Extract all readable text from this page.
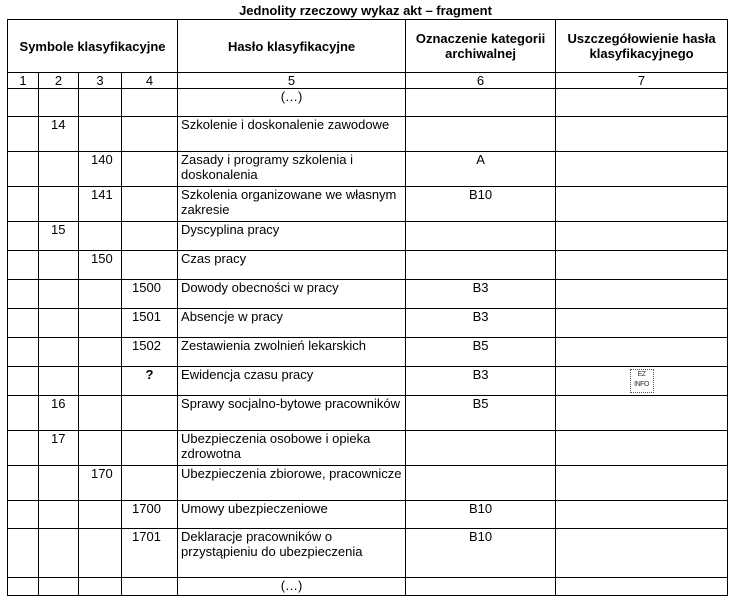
Jednolity rzeczowy wykaz akt – fragment
Symbole klasyfikacyjne				Hasło klasyfikacyjne	Oznaczenie kategorii archiwalnej	Uszczegółowienie hasła klasyfikacyjnego
1	2	3	4	5	6	7
				(…)		
	14			Szkolenie i doskonalenie zawodowe		
		140		Zasady i programy szkolenia i doskonalenia	A	
		141		Szkolenia organizowane we własnym zakresie	B10	
	15			Dyscyplina pracy		
		150		Czas pracy		
			1500	Dowody obecności w pracy	B3	
			1501	Absencje w pracy	B3	
			1502	Zestawienia zwolnień lekarskich	B5	
			?	Ewidencja czasu pracy	B3	EZ INFO
	16			Sprawy socjalno-bytowe pracowników	B5	
	17			Ubezpieczenia osobowe i opieka zdrowotna		
		170		Ubezpieczenia zbiorowe, pracownicze		
			1700	Umowy ubezpieczeniowe	B10	
			1701	Deklaracje pracowników o przystąpieniu do ubezpieczenia	B10	
				(…)		
